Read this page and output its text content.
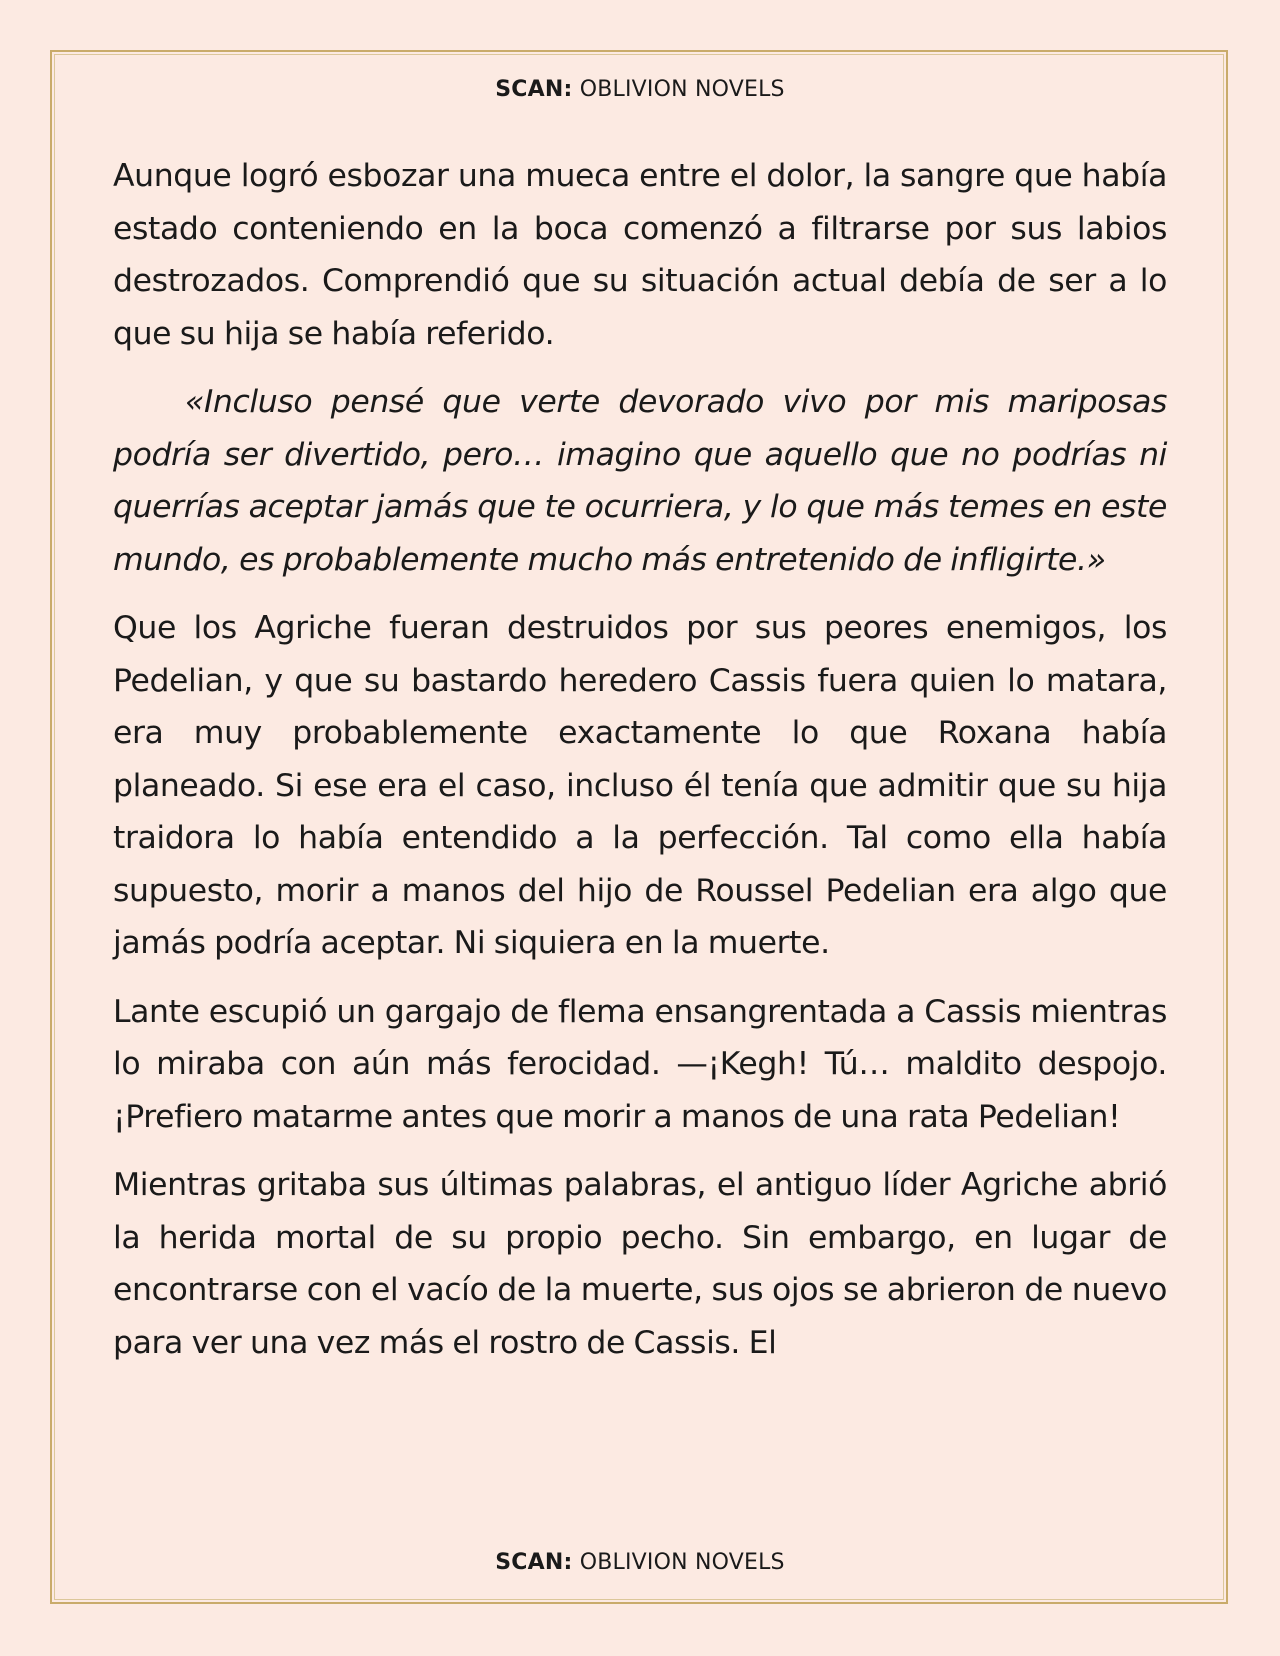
SCAN: OBLIVION NOVELS

Aunque logró esbozar una mueca entre el dolor, la sangre que había estado conteniendo en la boca comenzó a filtrarse por sus labios destrozados. Comprendió que su situación actual debía de ser a lo que su hija se había referido.

«Incluso pensé que verte devorado vivo por mis mariposas podría ser divertido, pero… imagino que aquello que no podrías ni querrías aceptar jamás que te ocurriera, y lo que más temes en este mundo, es probablemente mucho más entretenido de infligirte.»

Que los Agriche fueran destruidos por sus peores enemigos, los Pedelian, y que su bastardo heredero Cassis fuera quien lo matara, era muy probablemente exactamente lo que Roxana había planeado. Si ese era el caso, incluso él tenía que admitir que su hija traidora lo había entendido a la perfección. Tal como ella había supuesto, morir a manos del hijo de Roussel Pedelian era algo que jamás podría aceptar. Ni siquiera en la muerte.

Lante escupió un gargajo de flema ensangrentada a Cassis mientras lo miraba con aún más ferocidad. —¡Kegh! Tú… maldito despojo. ¡Prefiero matarme antes que morir a manos de una rata Pedelian!

Mientras gritaba sus últimas palabras, el antiguo líder Agriche abrió la herida mortal de su propio pecho. Sin embargo, en lugar de encontrarse con el vacío de la muerte, sus ojos se abrieron de nuevo para ver una vez más el rostro de Cassis. El

SCAN: OBLIVION NOVELS
